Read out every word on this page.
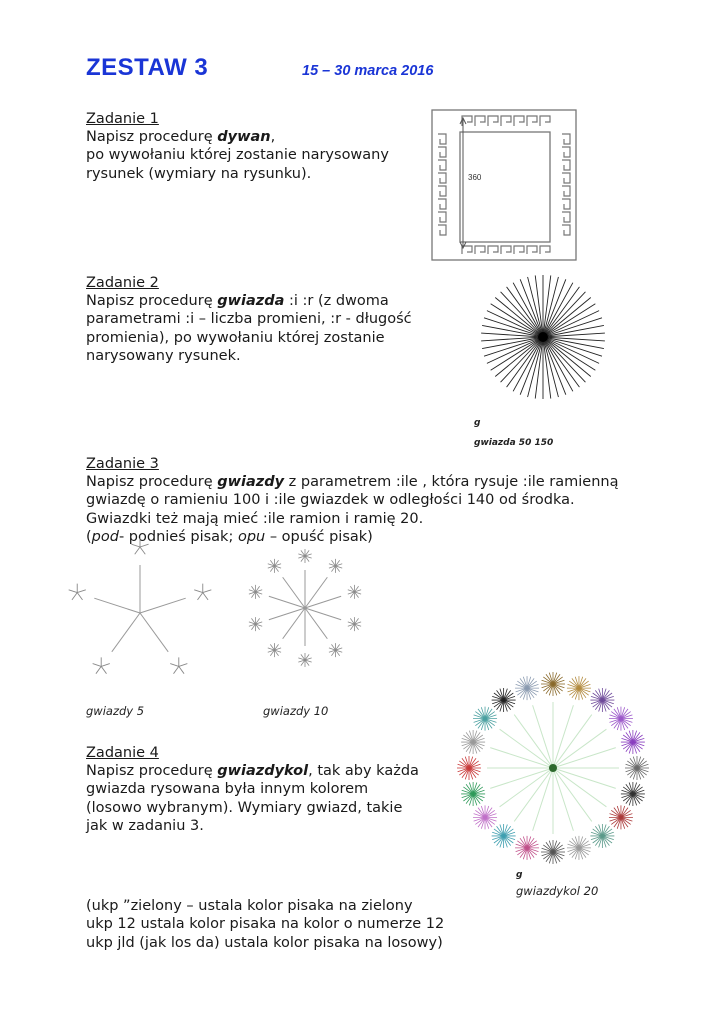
ZESTAW 3	15 – 30 marca 2016
Zadanie 1
Napisz procedurę dywan,
po wywołaniu której zostanie narysowany
rysunek (wymiary na rysunku).	360
Zadanie 2
Napisz procedurę gwiazda :i :r (z dwoma
parametrami :i – liczba promieni, :r - długość
promienia), po wywołaniu której zostanie
narysowany rysunek.
g
gwiazda 50 150
Zadanie 3
Napisz procedurę gwiazdy z parametrem :ile , która rysuje :ile ramienną
gwiazdę o ramieniu 100 i :ile gwiazdek w odległości 140 od środka.
Gwiazdki też mają mieć :ile ramion i ramię 20.
(pod- podnieś pisak; opu – opuść pisak)
gwiazdy 5	gwiazdy 10
Zadanie 4
Napisz procedurę gwiazdykol, tak aby każda
gwiazda rysowana była innym kolorem
(losowo wybranym). Wymiary gwiazd, takie
jak w zadaniu 3.
g
gwiazdykol 20
(ukp ”zielony – ustala kolor pisaka na zielony
ukp 12 ustala kolor pisaka na kolor o numerze 12
ukp jld (jak los da) ustala kolor pisaka na losowy)
